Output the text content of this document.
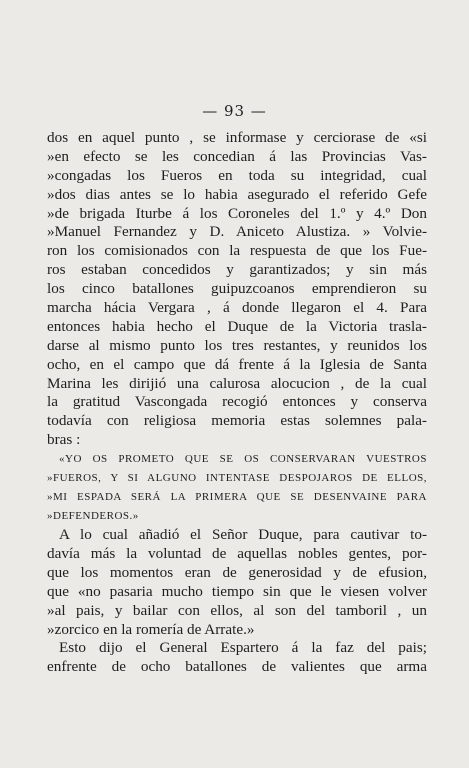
— 93 —
dos en aquel punto , se informase y cerciorase de «si
»en efecto se les concedian á las Provincias Vas-
»congadas los Fueros en toda su integridad, cual
»dos dias antes se lo habia asegurado el referido Gefe
»de brigada Iturbe á los Coroneles del 1.º y 4.º Don
»Manuel Fernandez y D. Aniceto Alustiza. » Volvie-
ron los comisionados con la respuesta de que los Fue-
ros estaban concedidos y garantizados; y sin más
los cinco batallones guipuzcoanos emprendieron su
marcha hácia Vergara , á donde llegaron el 4. Para
entonces habia hecho el Duque de la Victoria trasla-
darse al mismo punto los tres restantes, y reunidos los
ocho, en el campo que dá frente á la Iglesia de Santa
Marina les dirijió una calurosa alocucion , de la cual
la gratitud Vascongada recogió entonces y conserva
todavía con religiosa memoria estas solemnes pala-
bras :
«YO OS PROMETO QUE SE OS CONSERVARAN VUESTROS
»FUEROS, Y SI ALGUNO INTENTASE DESPOJAROS DE ELLOS,
»MI ESPADA SERÁ LA PRIMERA QUE SE DESENVAINE PARA
»DEFENDEROS.»
A lo cual añadió el Señor Duque, para cautivar to-
davía más la voluntad de aquellas nobles gentes, por-
que los momentos eran de generosidad y de efusion,
que «no pasaria mucho tiempo sin que le viesen volver
»al pais, y bailar con ellos, al son del tamboril , un
»zorcico en la romería de Arrate.»
Esto dijo el General Espartero á la faz del pais;
enfrente de ocho batallones de valientes que arma
